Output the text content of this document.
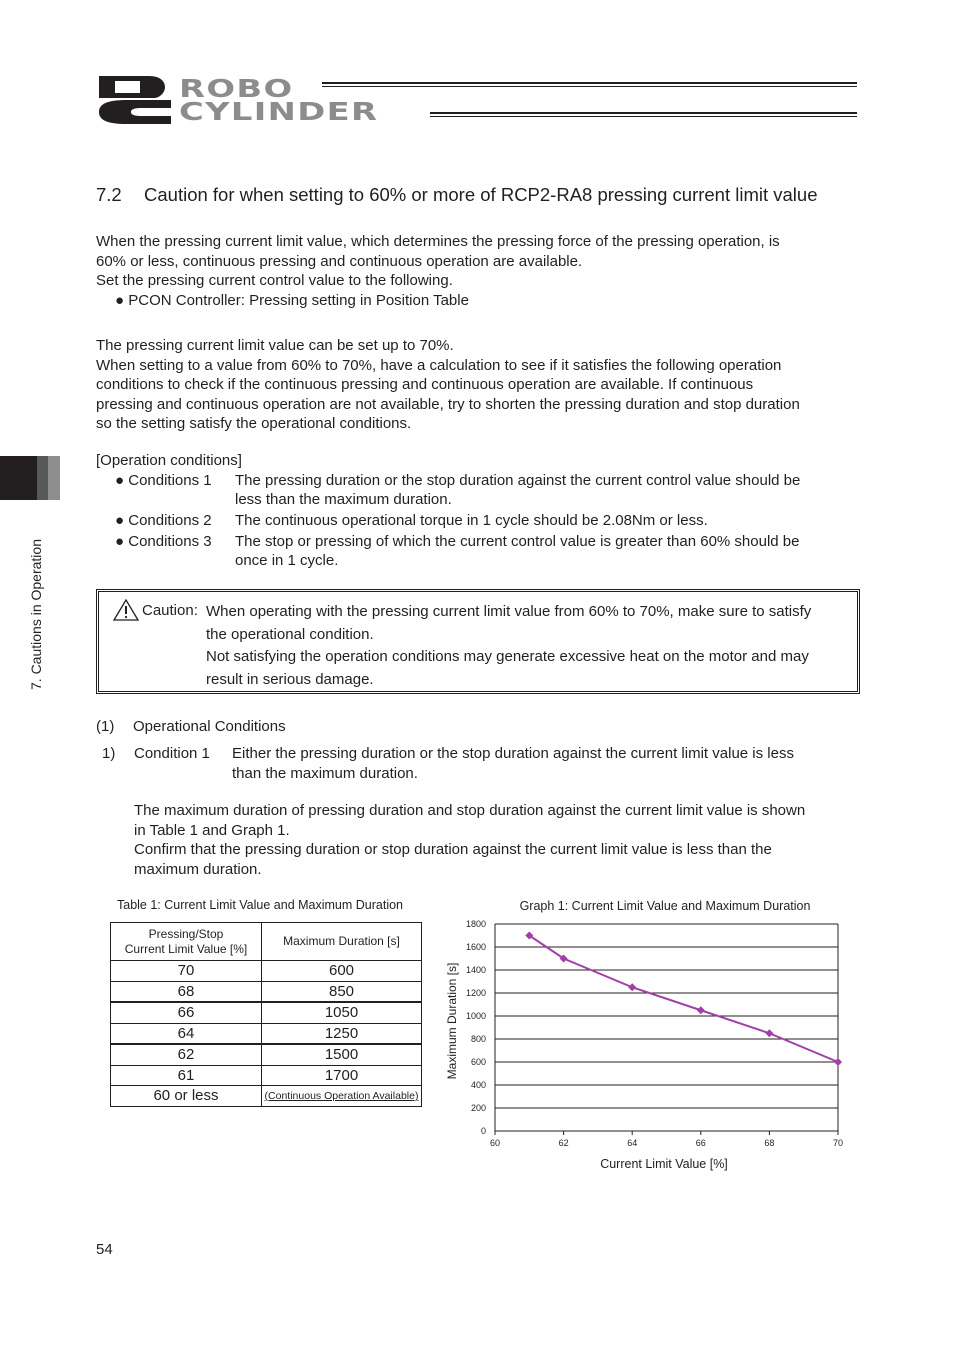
ROBO
CYLINDER
7. Cautions in Operation
7.2 Caution for when setting to 60% or more of RCP2-RA8 pressing current limit value
When the pressing current limit value, which determines the pressing force of the pressing operation, is
60% or less, continuous pressing and continuous operation are available.
Set the pressing current control value to the following.
● PCON Controller: Pressing setting in Position Table
The pressing current limit value can be set up to 70%.
When setting to a value from 60% to 70%, have a calculation to see if it satisfies the following operation
conditions to check if the continuous pressing and continuous operation are available. If continuous
pressing and continuous operation are not available, try to shorten the pressing duration and stop duration
so the setting satisfy the operational conditions.
[Operation conditions]
● Conditions 1 The pressing duration or the stop duration against the current control value should be
less than the maximum duration.
● Conditions 2 The continuous operational torque in 1 cycle should be 2.08Nm or less.
● Conditions 3 The stop or pressing of which the current control value is greater than 60% should be
once in 1 cycle.
Caution: When operating with the pressing current limit value from 60% to 70%, make sure to satisfy
the operational condition.
Not satisfying the operation conditions may generate excessive heat on the motor and may
result in serious damage.
(1) Operational Conditions
1) Condition 1 Either the pressing duration or the stop duration against the current limit value is less
than the maximum duration.
The maximum duration of pressing duration and stop duration against the current limit value is shown
in Table 1 and Graph 1.
Confirm that the pressing duration or stop duration against the current limit value is less than the
maximum duration.
Table 1: Current Limit Value and Maximum Duration
Pressing/Stop
Current Limit Value [%]	Maximum Duration [s]
70	600
68	850
66	1050
64	1250
62	1500
61	1700
60 or less	(Continuous Operation Available)
Graph 1: Current Limit Value and Maximum Duration
Current Limit Value [%]
Maximum Duration [s]
0
200
400
600
800
1000
1200
1400
1600
1800
60	62	64	66	68	70
54
